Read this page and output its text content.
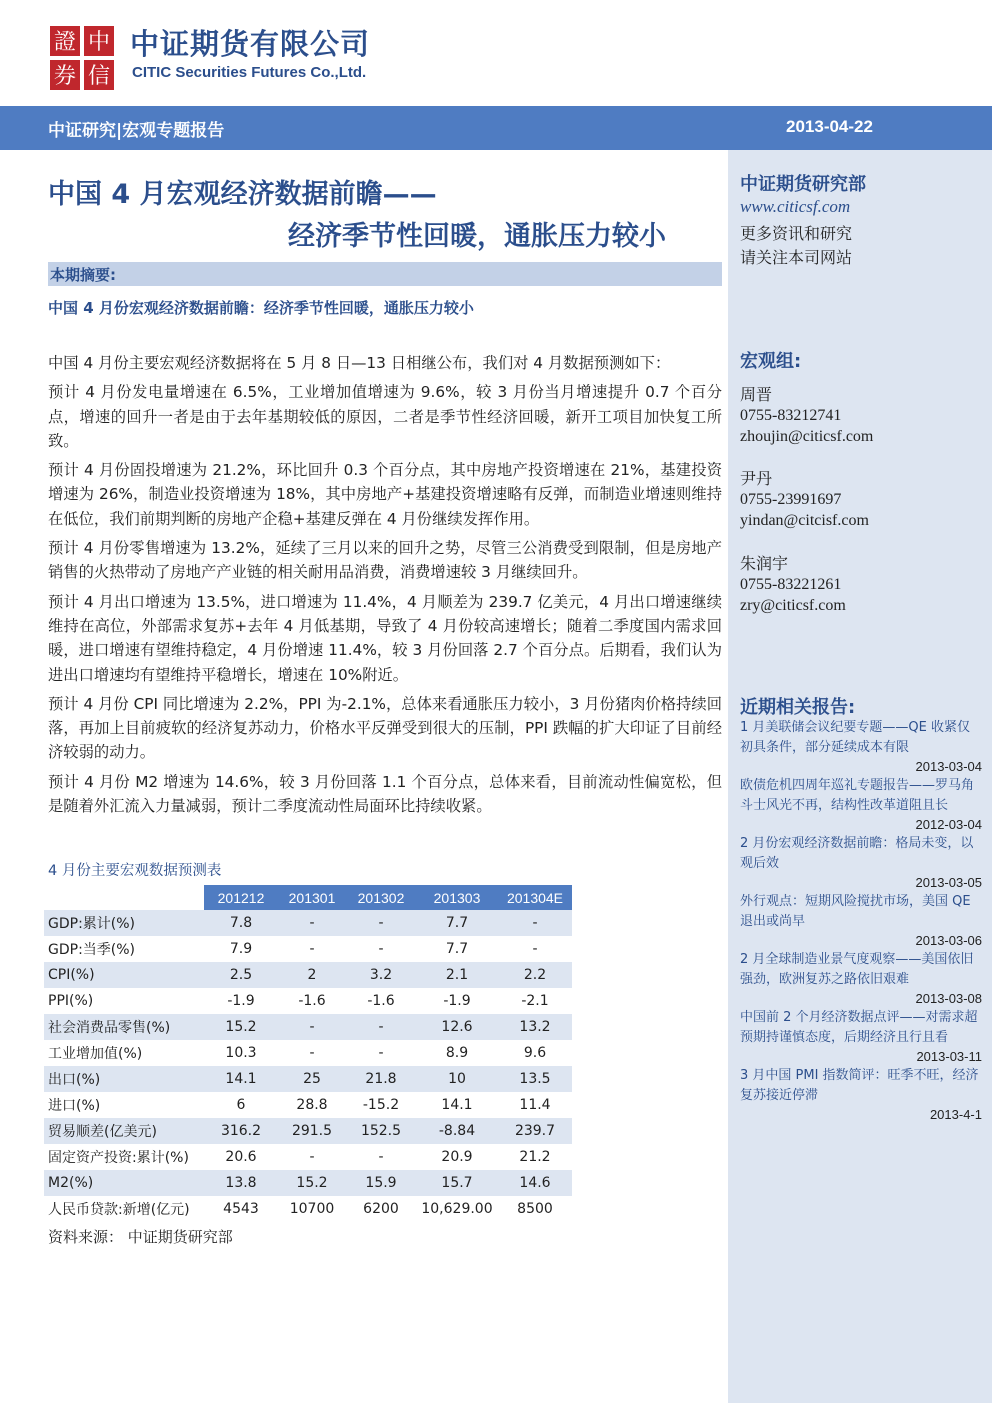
證 中
券 信
中证期货有限公司
CITIC Securities Futures Co.,Ltd.
中证研究|宏观专题报告	2013-04-22
中证期货研究部
www.citicsf.com
更多资讯和研究
请关注本司网站
宏观组:
周晋
0755-83212741
zhoujin@citicsf.com
尹丹
0755-23991697
yindan@citcisf.com
朱润宇
0755-83221261
zry@citicsf.com
近期相关报告:
1 月美联储会议纪要专题——QE 收紧仅初具条件，部分延续成本有限
2013-03-04
欧债危机四周年巡礼专题报告——罗马角斗士风光不再，结构性改革道阻且长
2012-03-04
2 月份宏观经济数据前瞻：格局未变，以观后效
2013-03-05
外行观点：短期风险搅扰市场，美国 QE 退出或尚早
2013-03-06
2 月全球制造业景气度观察——美国依旧强劲，欧洲复苏之路依旧艰难
2013-03-08
中国前 2 个月经济数据点评——对需求超预期持谨慎态度，后期经济且行且看
2013-03-11
3 月中国 PMI 指数简评：旺季不旺，经济复苏接近停滞
2013-4-1
中国 4 月宏观经济数据前瞻——
经济季节性回暖，通胀压力较小
本期摘要:
中国 4 月份宏观经济数据前瞻：经济季节性回暖，通胀压力较小

中国 4 月份主要宏观经济数据将在 5 月 8 日—13 日相继公布，我们对 4 月数据预测如下：

预计 4 月份发电量增速在 6.5%，工业增加值增速为 9.6%，较 3 月份当月增速提升 0.7 个百分点，增速的回升一者是由于去年基期较低的原因，二者是季节性经济回暖，新开工项目加快复工所致。

预计 4 月份固投增速为 21.2%，环比回升 0.3 个百分点，其中房地产投资增速在 21%，基建投资增速为 26%，制造业投资增速为 18%，其中房地产+基建投资增速略有反弹，而制造业增速则维持在低位，我们前期判断的房地产企稳+基建反弹在 4 月份继续发挥作用。

预计 4 月份零售增速为 13.2%，延续了三月以来的回升之势，尽管三公消费受到限制，但是房地产销售的火热带动了房地产产业链的相关耐用品消费，消费增速较 3 月继续回升。

预计 4 月出口增速为 13.5%，进口增速为 11.4%，4 月顺差为 239.7 亿美元，4 月出口增速继续维持在高位，外部需求复苏+去年 4 月低基期，导致了 4 月份较高速增长；随着二季度国内需求回暖，进口增速有望维持稳定，4 月份增速 11.4%，较 3 月份回落 2.7 个百分点。后期看，我们认为进出口增速均有望维持平稳增长，增速在 10%附近。

预计 4 月份 CPI 同比增速为 2.2%，PPI 为-2.1%，总体来看通胀压力较小，3 月份猪肉价格持续回落，再加上目前疲软的经济复苏动力，价格水平反弹受到很大的压制，PPI 跌幅的扩大印证了目前经济较弱的动力。

预计 4 月份 M2 增速为 14.6%，较 3 月份回落 1.1 个百分点，总体来看，目前流动性偏宽松，但是随着外汇流入力量减弱，预计二季度流动性局面环比持续收紧。

4 月份主要宏观数据预测表
	201212	201301	201302	201303	201304E
GDP:累计(%)	7.8	-	-	7.7	-
GDP:当季(%)	7.9	-	-	7.7	-
CPI(%)	2.5	2	3.2	2.1	2.2
PPI(%)	-1.9	-1.6	-1.6	-1.9	-2.1
社会消费品零售(%)	15.2	-	-	12.6	13.2
工业增加值(%)	10.3	-	-	8.9	9.6
出口(%)	14.1	25	21.8	10	13.5
进口(%)	6	28.8	-15.2	14.1	11.4
贸易顺差(亿美元)	316.2	291.5	152.5	-8.84	239.7
固定资产投资:累计(%)	20.6	-	-	20.9	21.2
M2(%)	13.8	15.2	15.9	15.7	14.6
人民币贷款:新增(亿元)	4543	10700	6200	10,629.00	8500
资料来源： 中证期货研究部
